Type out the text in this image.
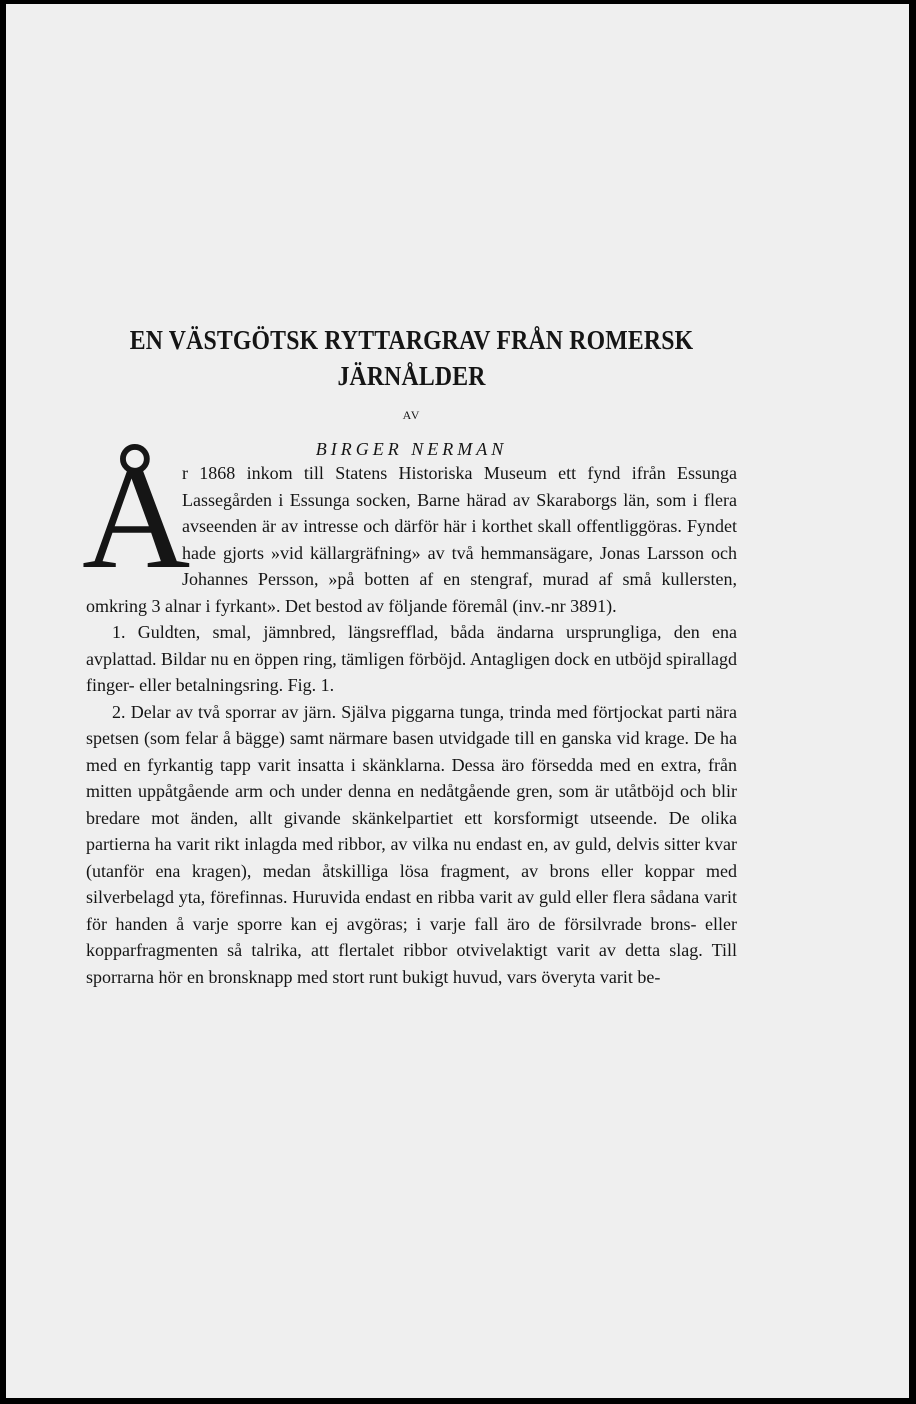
EN VÄSTGÖTSK RYTTARGRAV FRÅN ROMERSK
JÄRNÅLDER
AV
BIRGER NERMAN

Å
r 1868 inkom till Statens Historiska Museum ett fynd ifrån Essunga Lassegården i Essunga socken, Barne härad av Skaraborgs län, som i flera avseenden är av intresse och därför här i korthet skall offentliggöras. Fyndet hade gjorts »vid källargräfning» av två hemmansägare, Jonas Larsson och Johannes Persson, »på botten af en stengraf, murad af små kullersten, omkring 3 alnar i fyrkant». Det bestod av följande föremål (inv.-nr 3891).

1. Guldten, smal, jämnbred, längsrefflad, båda ändarna ursprungliga, den ena avplattad. Bildar nu en öppen ring, tämligen förböjd. Antagligen dock en utböjd spirallagd finger- eller betalningsring. Fig. 1.

2. Delar av två sporrar av järn. Själva piggarna tunga, trinda med förtjockat parti nära spetsen (som felar å bägge) samt närmare basen utvidgade till en ganska vid krage. De ha med en fyrkantig tapp varit insatta i skänklarna. Dessa äro försedda med en extra, från mitten uppåtgående arm och under denna en nedåtgående gren, som är utåtböjd och blir bredare mot änden, allt givande skänkelpartiet ett korsformigt utseende. De olika partierna ha varit rikt inlagda med ribbor, av vilka nu endast en, av guld, delvis sitter kvar (utanför ena kragen), medan åtskilliga lösa fragment, av brons eller koppar med silverbelagd yta, förefinnas. Huruvida endast en ribba varit av guld eller flera sådana varit för handen å varje sporre kan ej avgöras; i varje fall äro de försilvrade brons- eller kopparfragmenten så talrika, att flertalet ribbor otvivelaktigt varit av detta slag. Till sporrarna hör en bronsknapp med stort runt bukigt huvud, vars överyta varit be-
